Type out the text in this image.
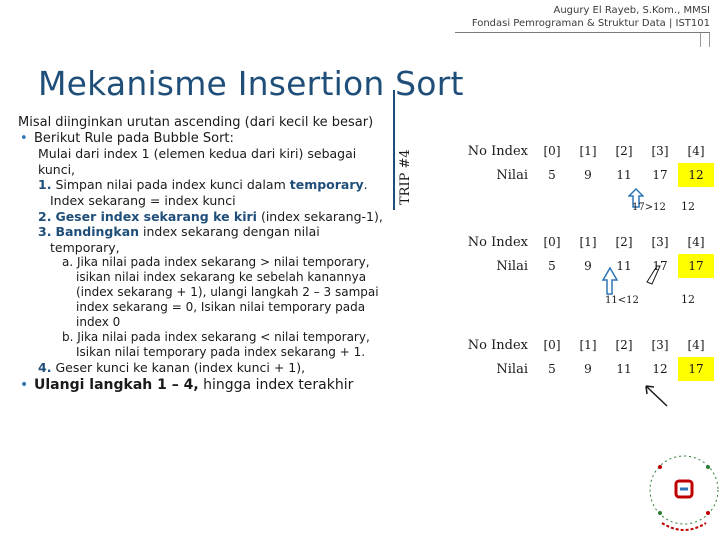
Augury El Rayeb, S.Kom., MMSI
Fondasi Pemrograman & Struktur Data | IST101
Mekanisme Insertion Sort

Misal diinginkan urutan ascending (dari kecil ke besar)

• Berikut Rule pada Bubble Sort:

Mulai dari index 1 (elemen kedua dari kiri) sebagai kunci,

1. Simpan nilai pada index kunci dalam temporary. Index sekarang = index kunci

2. Geser index sekarang ke kiri (index sekarang-1),

3. Bandingkan index sekarang dengan nilai temporary,

a. Jika nilai pada index sekarang > nilai temporary, isikan nilai index sekarang ke sebelah kanannya (index sekarang + 1), ulangi langkah 2 – 3 sampai index sekarang = 0, Isikan nilai temporary pada index 0

b. Jika nilai pada index sekarang < nilai temporary, Isikan nilai temporary pada index sekarang + 1.

4. Geser kunci ke kanan (index kunci + 1),

• Ulangi langkah 1 – 4, hingga index terakhir

TRIP #4	No Index	[0]	[1]	[2]	[3]	[4]
Nilai	5	9	11	17	12
17>12 12
No Index	[0]	[1]	[2]	[3]	[4]
Nilai	5	9	11	17	17
11<12	12
No Index	[0]	[1]	[2]	[3]	[4]
Nilai	5	9	11	12	17
